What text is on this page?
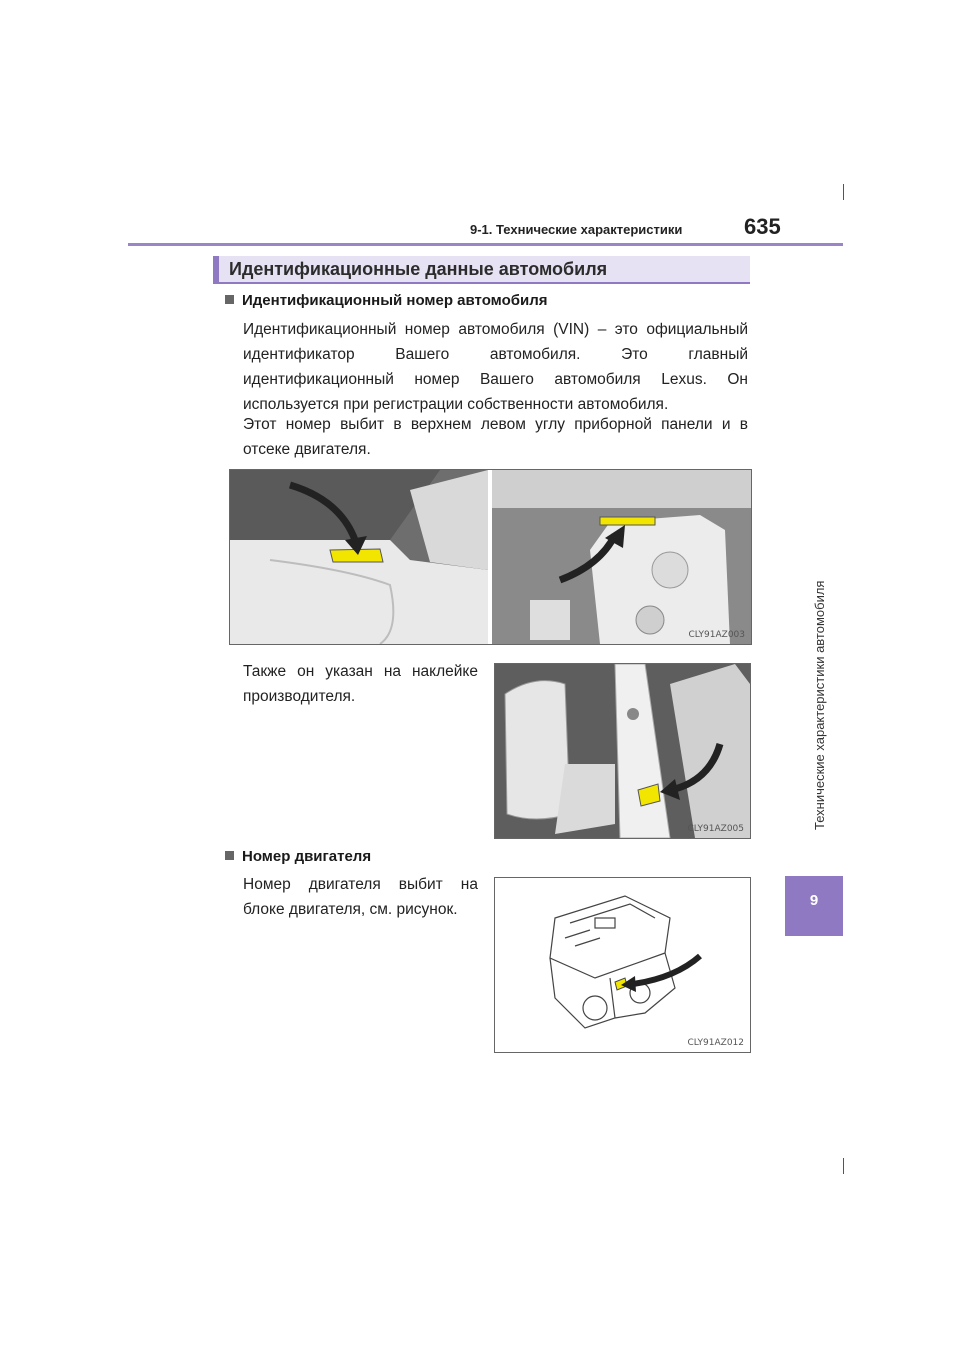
9-1. Технические характеристики	635
Технические характеристики автомобиля
9
Идентификационные данные автомобиля
Идентификационный номер автомобиля
Идентификационный номер автомобиля (VIN) – это официальный идентификатор Вашего автомобиля. Это главный идентификационный номер Вашего автомобиля Lexus. Он используется при регистрации собственности автомобиля.
Этот номер выбит в верхнем левом углу приборной панели и в отсеке двигателя.
CLY91AZ003
Также он указан на наклейке производителя.
CLY91AZ005
Номер двигателя
Номер двигателя выбит на блоке двигателя, см. рисунок.
CLY91AZ012
